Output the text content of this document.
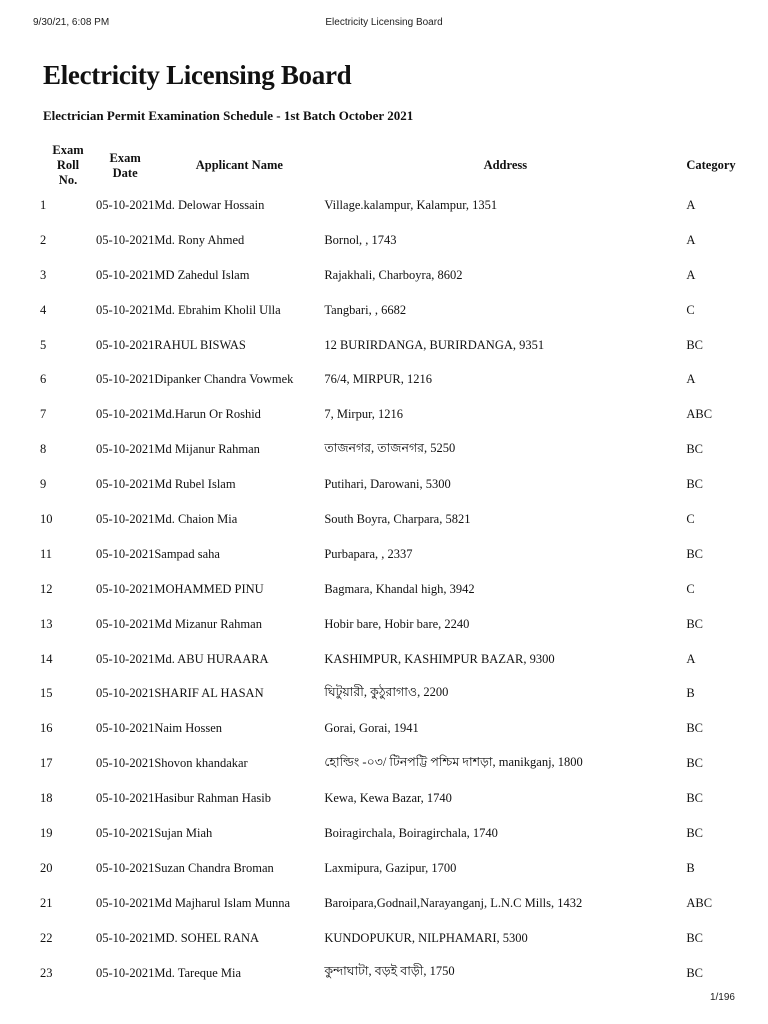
9/30/21, 6:08 PM	Electricity Licensing Board
Electricity Licensing Board
Electrician Permit Examination Schedule - 1st Batch October 2021
Exam Roll No.	Exam Date	Applicant Name	Address	Category
1	05-10-2021	Md. Delowar Hossain	Village.kalampur, Kalampur, 1351	A
2	05-10-2021	Md. Rony Ahmed	Bornol, , 1743	A
3	05-10-2021	MD Zahedul Islam	Rajakhali, Charboyra, 8602	A
4	05-10-2021	Md. Ebrahim Kholil Ulla	Tangbari, , 6682	C
5	05-10-2021	RAHUL BISWAS	12 BURIRDANGA, BURIRDANGA, 9351	BC
6	05-10-2021	Dipanker Chandra Vowmek	76/4, MIRPUR, 1216	A
7	05-10-2021	Md.Harun Or Roshid	7, Mirpur, 1216	ABC
8	05-10-2021	Md Mijanur Rahman	তাজনগর, তাজনগর, 5250	BC
9	05-10-2021	Md Rubel Islam	Putihari, Darowani, 5300	BC
10	05-10-2021	Md. Chaion Mia	South Boyra, Charpara, 5821	C
11	05-10-2021	Sampad saha	Purbapara, , 2337	BC
12	05-10-2021	MOHAMMED PINU	Bagmara, Khandal high, 3942	C
13	05-10-2021	Md Mizanur Rahman	Hobir bare, Hobir bare, 2240	BC
14	05-10-2021	Md. ABU HURAARA	KASHIMPUR, KASHIMPUR BAZAR, 9300	A
15	05-10-2021	SHARIF AL HASAN	ঘিটুয়ারী, কুঠুরাগাও, 2200	B
16	05-10-2021	Naim Hossen	Gorai, Gorai, 1941	BC
17	05-10-2021	Shovon khandakar	হোল্ডিং -০৩/ টিনপট্টি পশ্চিম দাশড়া, manikganj, 1800	BC
18	05-10-2021	Hasibur Rahman Hasib	Kewa, Kewa Bazar, 1740	BC
19	05-10-2021	Sujan Miah	Boiragirchala, Boiragirchala, 1740	BC
20	05-10-2021	Suzan Chandra Broman	Laxmipura, Gazipur, 1700	B
21	05-10-2021	Md Majharul Islam Munna	Baroipara,Godnail,Narayanganj, L.N.C Mills, 1432	ABC
22	05-10-2021	MD. SOHEL RANA	KUNDOPUKUR, NILPHAMARI, 5300	BC
23	05-10-2021	Md. Tareque Mia	কুন্দাঘাটা, বড়ই বাড়ী, 1750	BC
1/196
